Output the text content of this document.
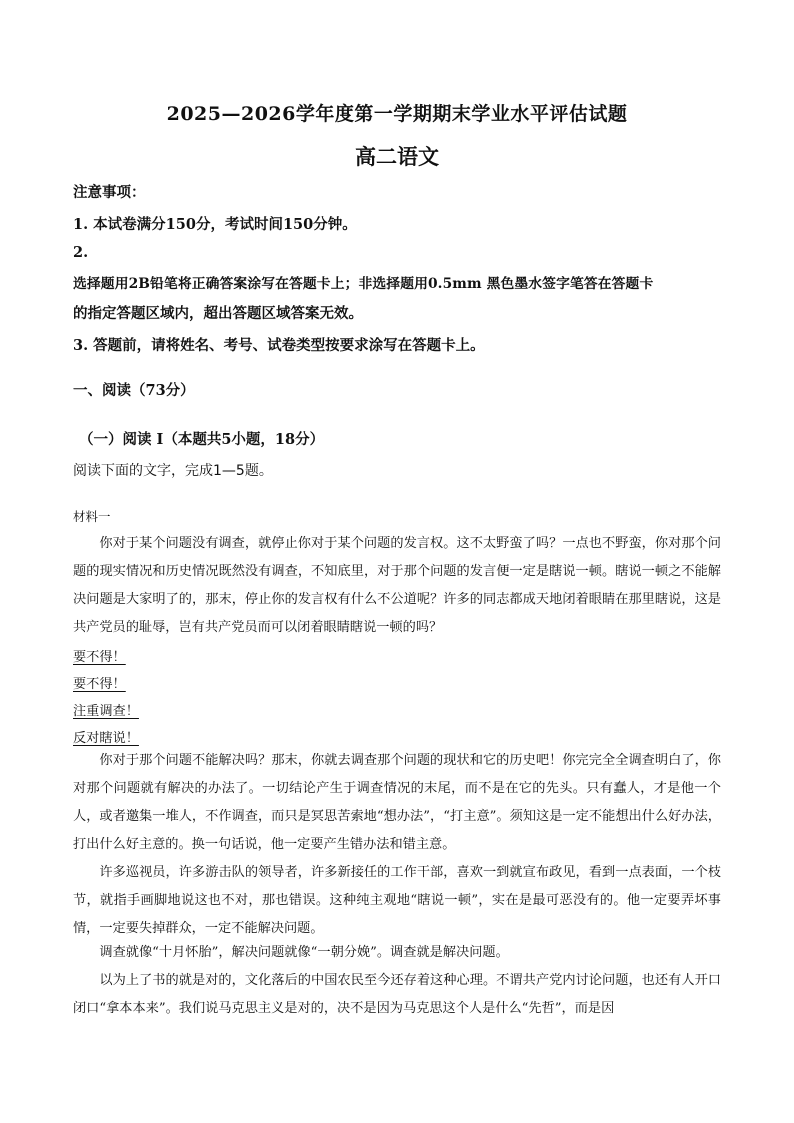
2025—2026学年度第一学期期末学业水平评估试题
高二语文
注意事项：
1. 本试卷满分150分，考试时间150分钟。
2.
选择题用2B铅笔将正确答案涂写在答题卡上；非选择题用0.5mm 黑色墨水签字笔答在答题卡
的指定答题区域内，超出答题区域答案无效。
3. 答题前，请将姓名、考号、试卷类型按要求涂写在答题卡上。
一、阅读（73分）
（一）阅读 Ⅰ（本题共5小题，18分）
阅读下面的文字，完成1—5题。
材料一
你对于某个问题没有调查，就停止你对于某个问题的发言权。这不太野蛮了吗？一点也不野蛮，你对那个问题的现实情况和历史情况既然没有调查，不知底里，对于那个问题的发言便一定是瞎说一顿。瞎说一顿之不能解决问题是大家明了的，那末，停止你的发言权有什么不公道呢？许多的同志都成天地闭着眼睛在那里瞎说，这是共产党员的耻辱，岂有共产党员而可以闭着眼睛瞎说一顿的吗？
要不得！
要不得！
注重调查！
反对瞎说！
你对于那个问题不能解决吗？那末，你就去调查那个问题的现状和它的历史吧！你完完全全调查明白了，你对那个问题就有解决的办法了。一切结论产生于调查情况的末尾，而不是在它的先头。只有蠢人，才是他一个人，或者邀集一堆人，不作调查，而只是冥思苦索地“想办法”，“打主意”。须知这是一定不能想出什么好办法，打出什么好主意的。换一句话说，他一定要产生错办法和错主意。
许多巡视员，许多游击队的领导者，许多新接任的工作干部，喜欢一到就宣布政见，看到一点表面，一个枝节，就指手画脚地说这也不对，那也错误。这种纯主观地“瞎说一顿”，实在是最可恶没有的。他一定要弄坏事情，一定要失掉群众，一定不能解决问题。
调查就像“十月怀胎”，解决问题就像“一朝分娩”。调查就是解决问题。
以为上了书的就是对的，文化落后的中国农民至今还存着这种心理。不谓共产党内讨论问题，也还有人开口闭口“拿本本来”。我们说马克思主义是对的，决不是因为马克思这个人是什么“先哲”，而是因
